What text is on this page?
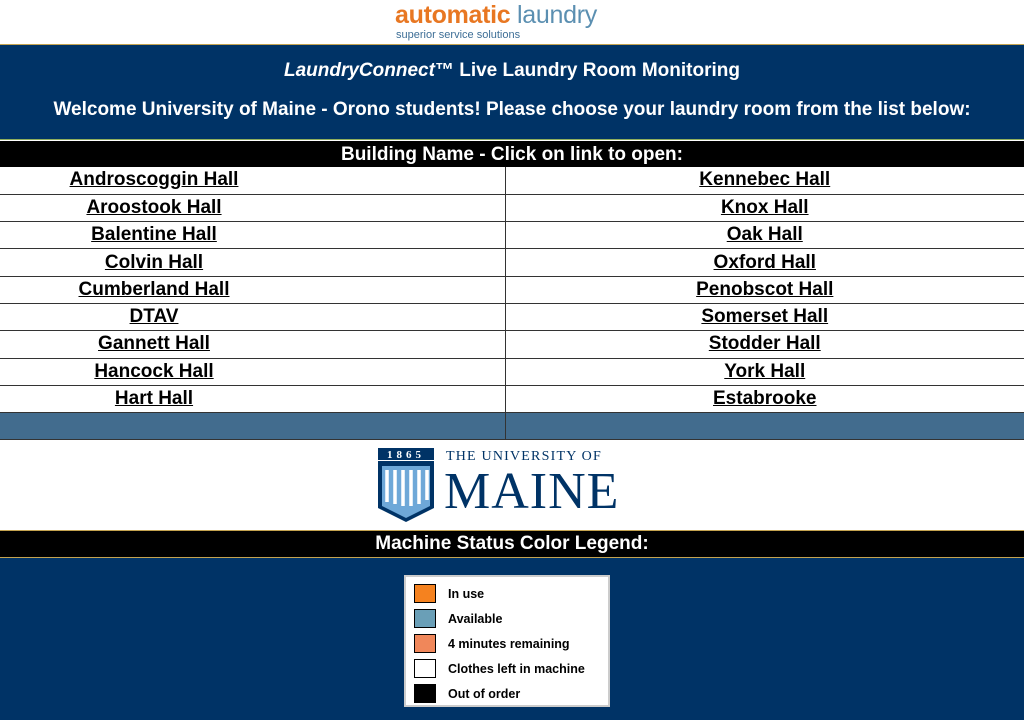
automatic laundry
superior service solutions
LaundryConnect™ Live Laundry Room Monitoring
Welcome University of Maine - Orono students! Please choose your laundry room from the list below:
Building Name - Click on link to open:
Androscoggin Hall		Kennebec Hall
Aroostook Hall		Knox Hall
Balentine Hall		Oak Hall
Colvin Hall		Oxford Hall
Cumberland Hall		Penobscot Hall
DTAV		Somerset Hall
Gannett Hall		Stodder Hall
Hancock Hall		York Hall
Hart Hall		Estabrooke

1865 THE UNIVERSITY OF
MAINE
Machine Status Color Legend:
In use
Available
4 minutes remaining
Clothes left in machine
Out of order
